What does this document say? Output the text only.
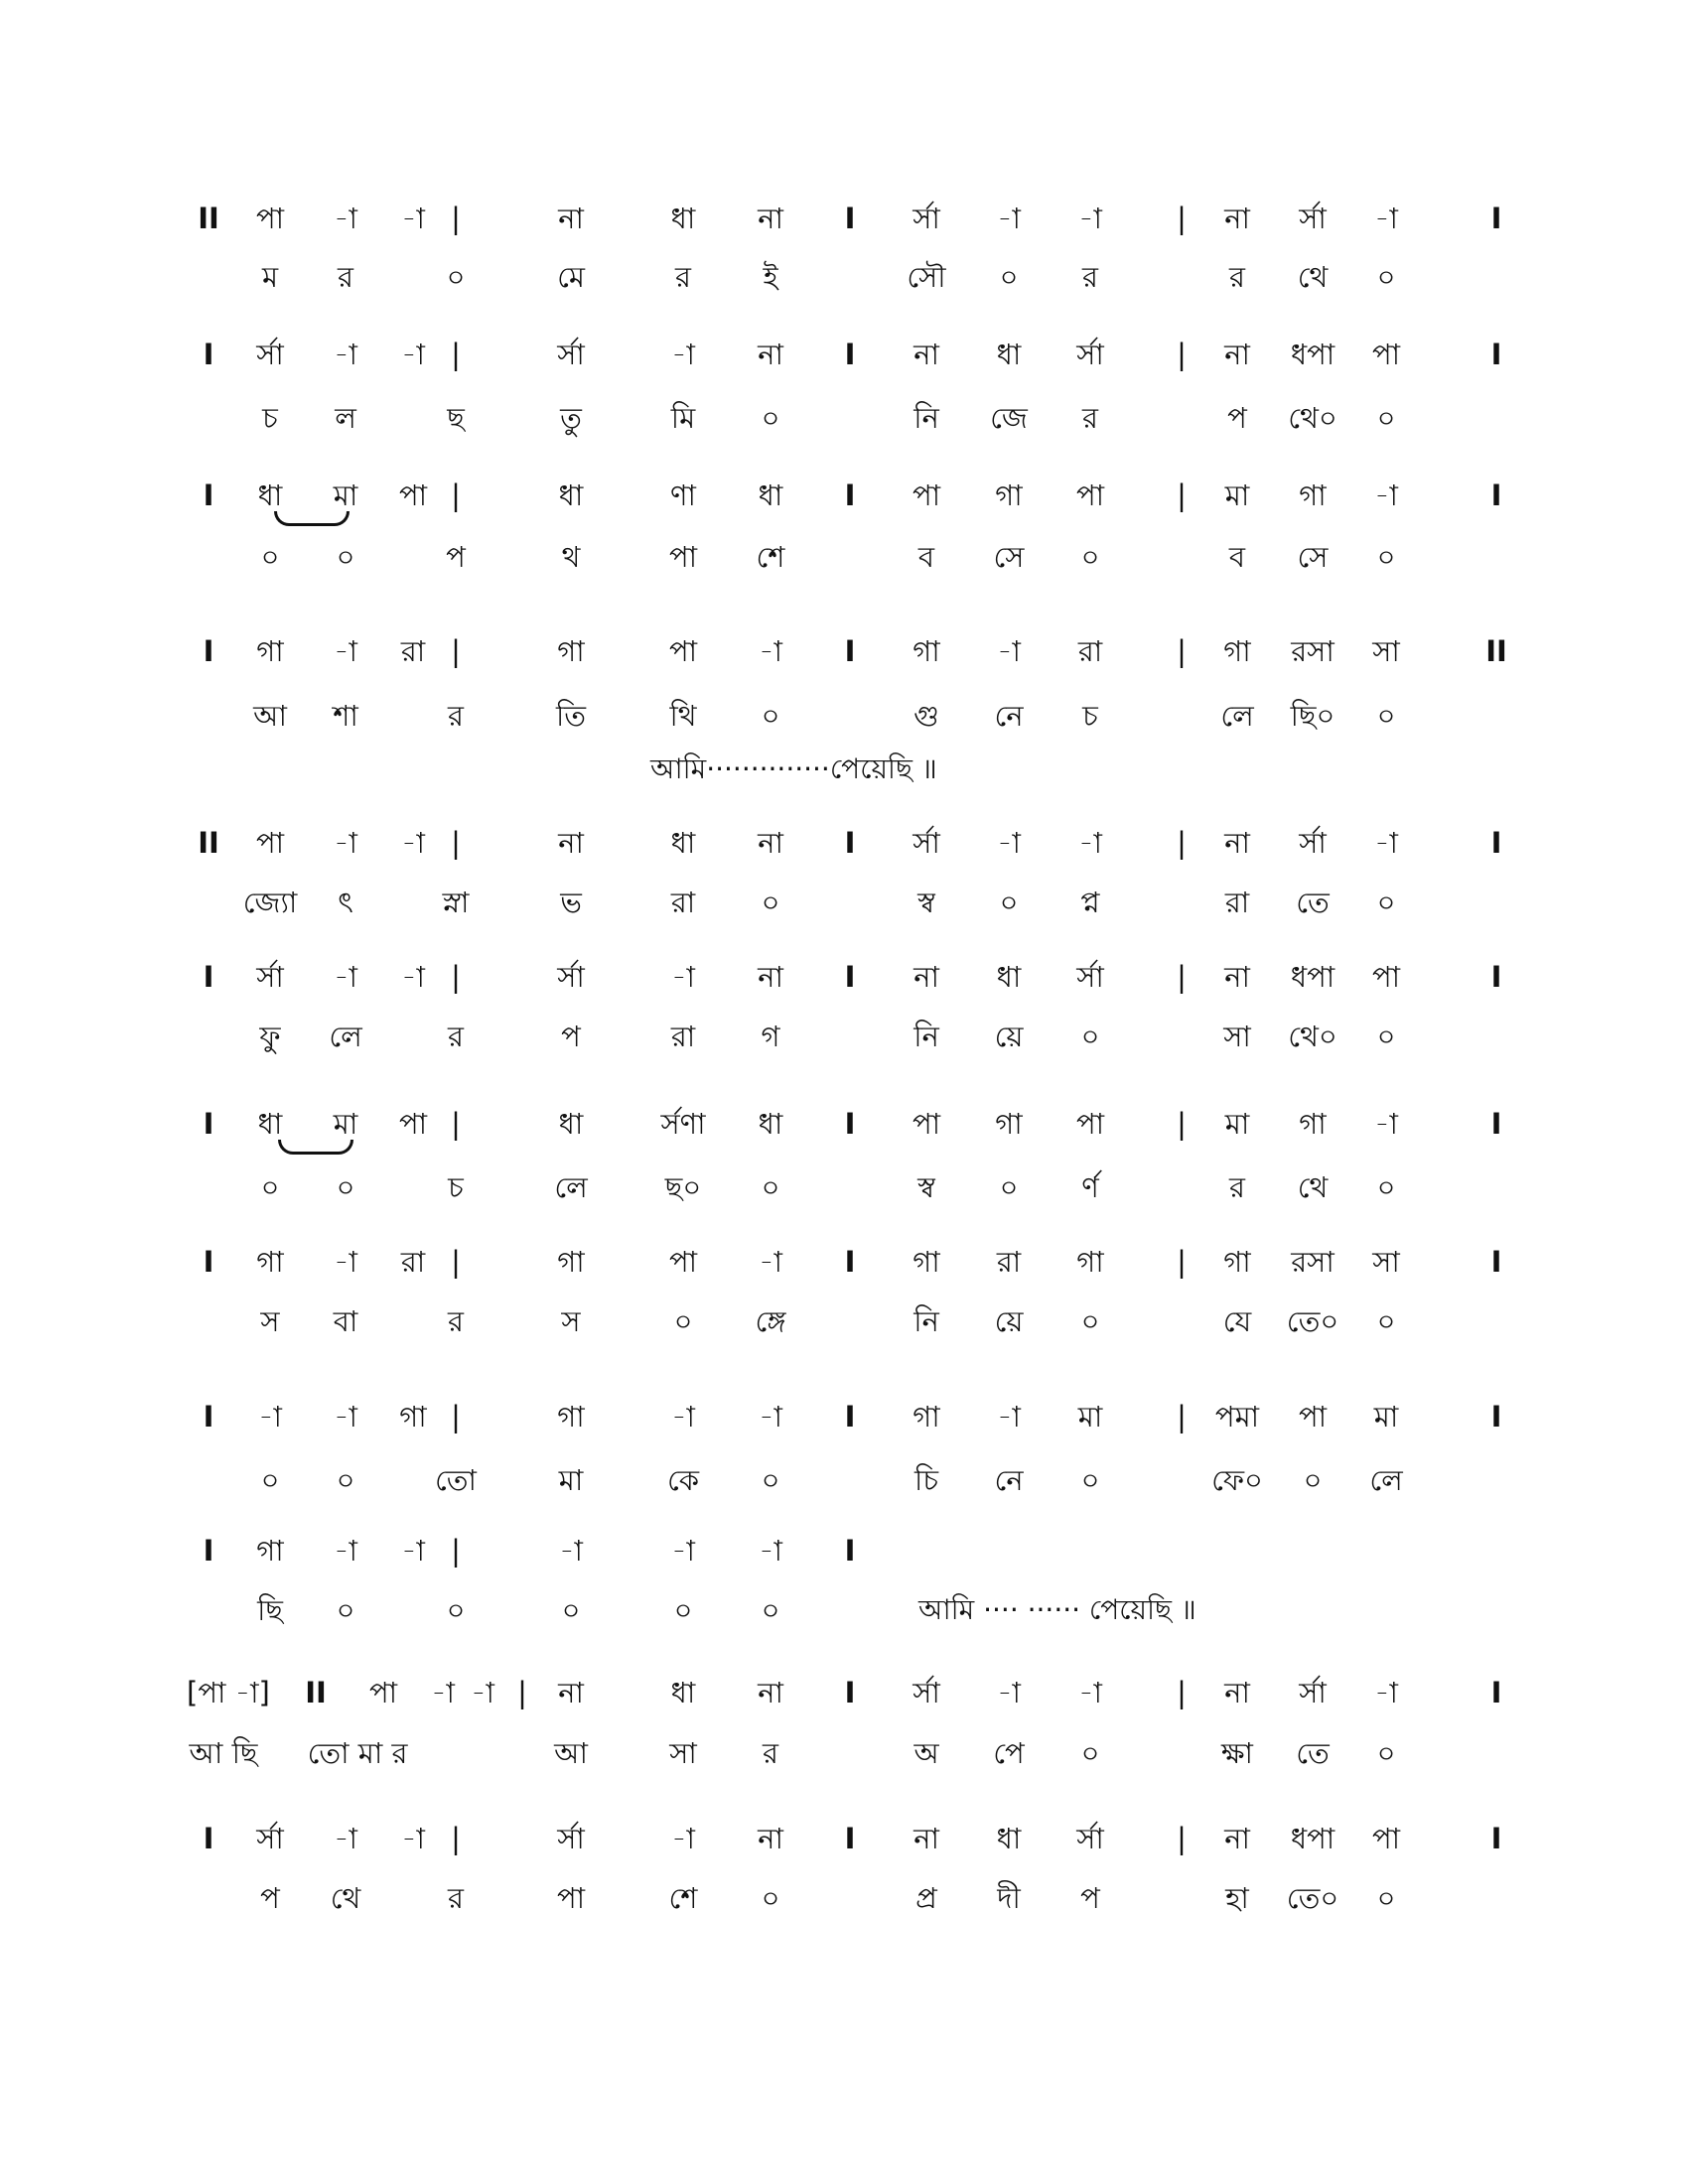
আমি··············পেয়েছি ॥
আমি ···· ······ পেয়েছি ॥
II পা -া -া |	না	ধা না I র্সা -া -া	| না র্সা -া	I
ম র	০	মে	র ই	সৌ ০ র	র থে ০
I র্সা -া -া |	র্সা	-া না I না ধা র্সা	| না ধপা পা	I
চ ল	ছ	তু	মি ০	নি জে র	প থে০ ০
I ধা মা পা |	ধা	ণা ধা I পা গা পা	| মা গা -া	I
০ ০	প	থ	পা শে	ব সে ০	ব সে ০
I গা -া রা |	গা	পা -া I গা -া রা	| গা রসা সা	II
আ শা	র	তি	থি ০	গু নে চ	লে ছি০ ০
II পা -া -া |	না	ধা না I র্সা -া -া	| না র্সা -া	I
জ্যো ৎ	স্না	ভ	রা ০	স্ব ০ প্ন	রা তে ০
I র্সা -া -া |	র্সা	-া না I না ধা র্সা	| না ধপা পা	I
ফু লে	র	প	রা গ	নি য়ে ০	সা থে০ ০
I ধা মা পা |	ধা	র্সণা ধা I পা গা পা	| মা গা -া	I
০ ০	চ	লে	ছ০ ০	স্ব ০ র্ণ	র থে ০
I গা -া রা |	গা	পা -া I গা রা গা	| গা রসা সা	I
স বা	র	স	০ ঙ্গে	নি য়ে ০	যে তে০ ০
I -া -া গা |	গা	-া -া I গা -া মা	| পমা পা মা	I
০ ০	তো	মা	কে ০	চি নে ০	ফে০ ০ লে
I গা -া -া |	-া	-া -া I
ছি ০	০	০	০ ০
[পা -া] II পা -া -া | না	ধা না I র্সা -া -া	| না র্সা -া	I
আ ছি তো মা র	আ	সা র	অ পে ০	ক্ষা তে ০
I র্সা -া -া |	র্সা	-া না I না ধা র্সা	| না ধপা পা	I
প থে	র	পা	শে ০	প্র দী প	হা তে০ ০
